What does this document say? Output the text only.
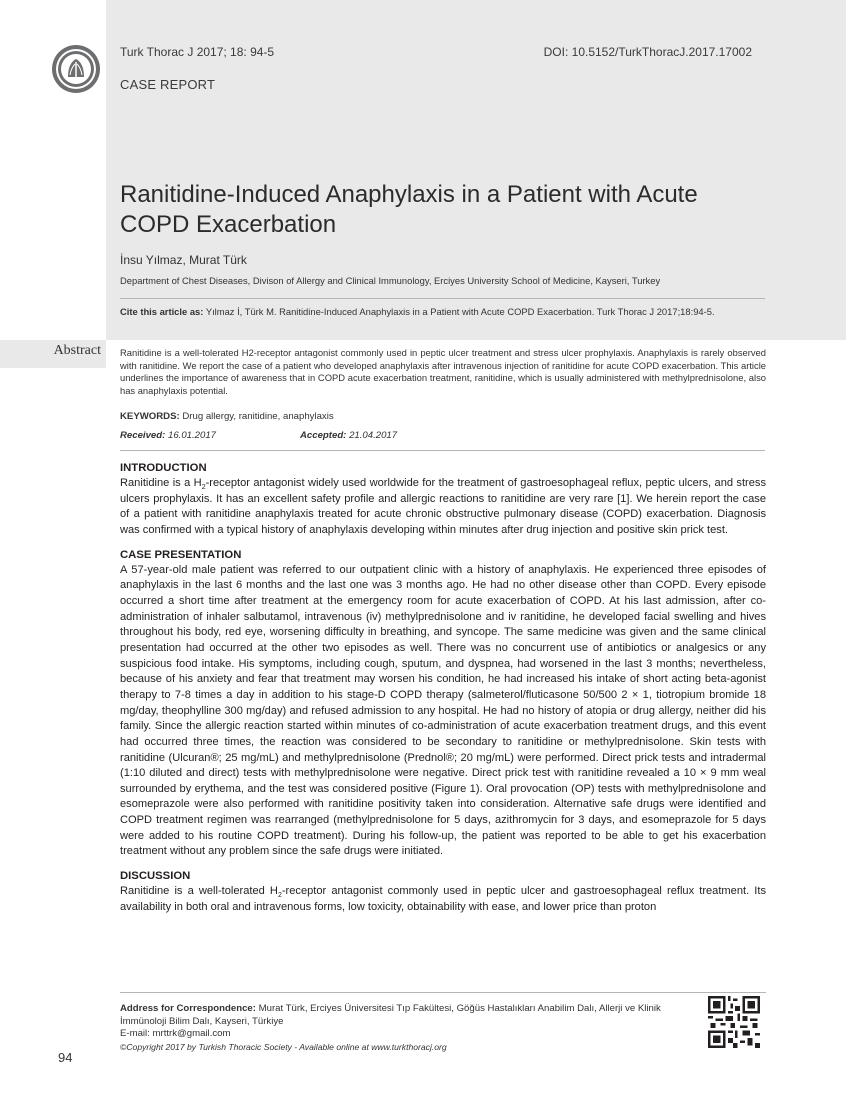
Turk Thorac J 2017; 18: 94-5	DOI: 10.5152/TurkThoracJ.2017.17002
CASE REPORT
Ranitidine-Induced Anaphylaxis in a Patient with Acute COPD Exacerbation
İnsu Yılmaz, Murat Türk
Department of Chest Diseases, Divison of Allergy and Clinical Immunology, Erciyes University School of Medicine, Kayseri, Turkey
Cite this article as: Yılmaz İ, Türk M. Ranitidine-Induced Anaphylaxis in a Patient with Acute COPD Exacerbation. Turk Thorac J 2017;18:94-5.
Abstract Ranitidine is a well-tolerated H2-receptor antagonist commonly used in peptic ulcer treatment and stress ulcer prophylaxis. Anaphylaxis is rarely observed with ranitidine. We report the case of a patient who developed anaphylaxis after intravenous injection of ranitidine for acute COPD exacerbation. This article underlines the importance of awareness that in COPD acute exacerbation treatment, ranitidine, which is usually administered with methylprednisolone, also has anaphylaxis potential.
KEYWORDS: Drug allergy, ranitidine, anaphylaxis
Received: 16.01.2017	Accepted: 21.04.2017

INTRODUCTION

Ranitidine is a $H_2$-receptor antagonist widely used worldwide for the treatment of gastroesophageal reflux, peptic ulcers, and stress ulcers prophylaxis. It has an excellent safety profile and allergic reactions to ranitidine are very rare [1]. We herein report the case of a patient with ranitidine anaphylaxis treated for acute chronic obstructive pulmonary disease (COPD) exacerbation. Diagnosis was confirmed with a typical history of anaphylaxis developing within minutes after drug injection and positive skin prick test.

CASE PRESENTATION

A 57-year-old male patient was referred to our outpatient clinic with a history of anaphylaxis. He experienced three episodes of anaphylaxis in the last 6 months and the last one was 3 months ago. He had no other disease other than COPD. Every episode occurred a short time after treatment at the emergency room for acute exacerbation of COPD. At his last admission, after co-administration of inhaler salbutamol, intravenous (iv) methylprednisolone and iv ranitidine, he developed facial swelling and hives throughout his body, red eye, worsening difficulty in breathing, and syncope. The same medicine was given and the same clinical presentation had occurred at the other two episodes as well. There was no concurrent use of antibiotics or analgesics or any suspicious food intake. His symptoms, including cough, sputum, and dyspnea, had worsened in the last 3 months; nevertheless, because of his anxiety and fear that treatment may worsen his condition, he had increased his intake of short acting beta-agonist therapy to 7-8 times a day in addition to his stage-D COPD therapy (salmeterol/fluticasone 50/500 2 × 1, tiotropium bromide 18 mg/day, theophylline 300 mg/day) and refused admission to any hospital. He had no history of atopia or drug allergy, neither did his family. Since the allergic reaction started within minutes of co-administration of acute exacerbation treatment drugs, and this event had occurred three times, the reaction was considered to be secondary to ranitidine or methylprednisolone. Skin tests with ranitidine (Ulcuran®; 25 mg/mL) and methylprednisolone (Prednol®; 20 mg/mL) were performed. Direct prick tests and intradermal (1:10 diluted and direct) tests with methylprednisolone were negative. Direct prick test with ranitidine revealed a 10 × 9 mm weal surrounded by erythema, and the test was considered positive (Figure 1). Oral provocation (OP) tests with methylprednisolone and esomeprazole were also performed with ranitidine positivity taken into consideration. Alternative safe drugs were identified and COPD treatment regimen was rearranged (methylprednisolone for 5 days, azithromycin for 3 days, and esomeprazole for 5 days were added to his routine COPD treatment). During his follow-up, the patient was reported to be able to get his exacerbation treatment without any problem since the safe drugs were initiated.

DISCUSSION

Ranitidine is a well-tolerated $H_2$-receptor antagonist commonly used in peptic ulcer and gastroesophageal reflux treatment. Its availability in both oral and intravenous forms, low toxicity, obtainability with ease, and lower price than proton

Address for Correspondence: Murat Türk, Erciyes Üniversitesi Tıp Fakültesi, Göğüs Hastalıkları Anabilim Dalı, Allerji ve Klinik İmmünoloji Bilim Dalı, Kayseri, Türkiye
E-mail: mrttrk@gmail.com
©Copyright 2017 by Turkish Thoracic Society - Available online at www.turkthoracj.org
94
